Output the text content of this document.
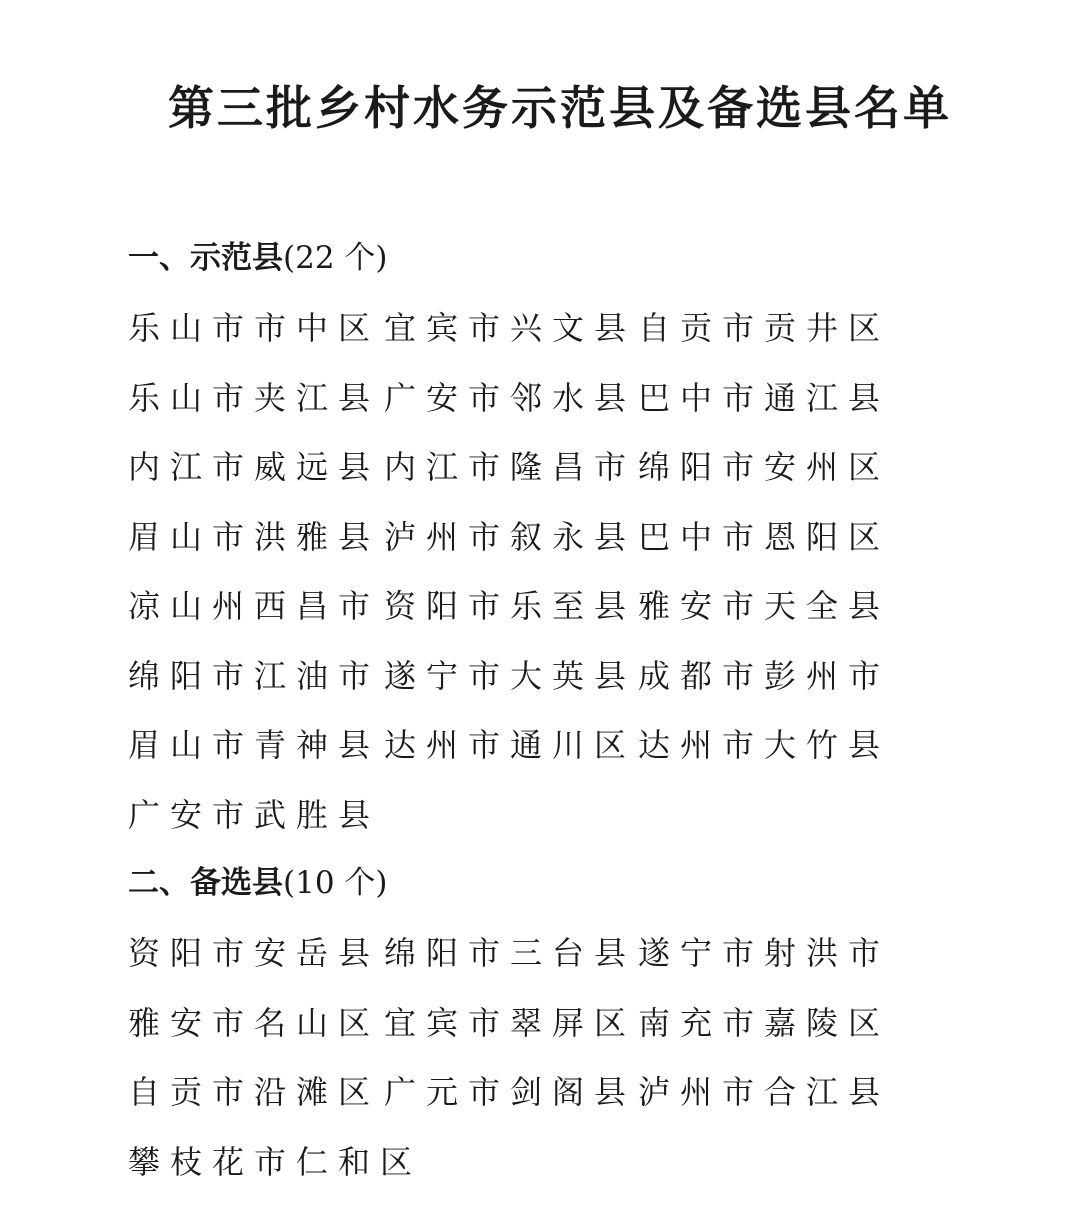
第三批乡村水务示范县及备选县名单
一、示范县(22 个)
乐山市市中区 宜宾市兴文县 自贡市贡井区
乐山市夹江县 广安市邻水县 巴中市通江县
内江市威远县 内江市隆昌市 绵阳市安州区
眉山市洪雅县 泸州市叙永县 巴中市恩阳区
凉山州西昌市 资阳市乐至县 雅安市天全县
绵阳市江油市 遂宁市大英县 成都市彭州市
眉山市青神县 达州市通川区 达州市大竹县
广安市武胜县
二、备选县(10 个)
资阳市安岳县 绵阳市三台县 遂宁市射洪市
雅安市名山区 宜宾市翠屏区 南充市嘉陵区
自贡市沿滩区 广元市剑阁县 泸州市合江县
攀枝花市仁和区
